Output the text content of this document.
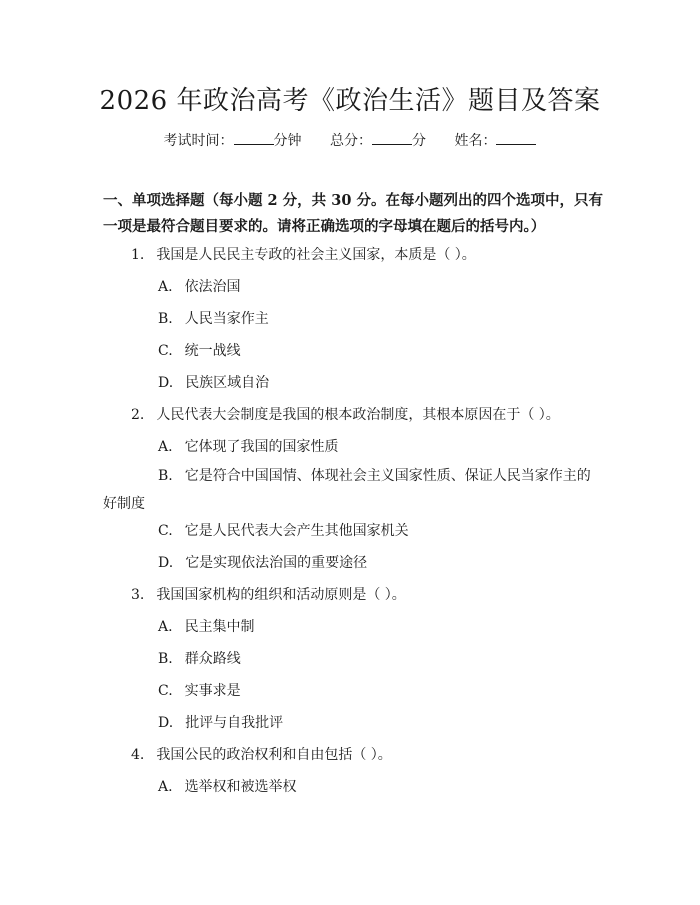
2026 年政治高考《政治生活》题目及答案
考试时间：	分钟 总分：	分 姓名：
一、单项选择题（每小题 2 分，共 30 分。在每小题列出的四个选项中，只有一项是最符合题目要求的。请将正确选项的字母填在题后的括号内。）
1. 我国是人民民主专政的社会主义国家，本质是（ ）。
A. 依法治国
B. 人民当家作主
C. 统一战线
D. 民族区域自治
2. 人民代表大会制度是我国的根本政治制度，其根本原因在于（ ）。
A. 它体现了我国的国家性质
B. 它是符合中国国情、体现社会主义国家性质、保证人民当家作主的好制度
C. 它是人民代表大会产生其他国家机关
D. 它是实现依法治国的重要途径
3. 我国国家机构的组织和活动原则是（ ）。
A. 民主集中制
B. 群众路线
C. 实事求是
D. 批评与自我批评
4. 我国公民的政治权利和自由包括（ ）。
A. 选举权和被选举权
